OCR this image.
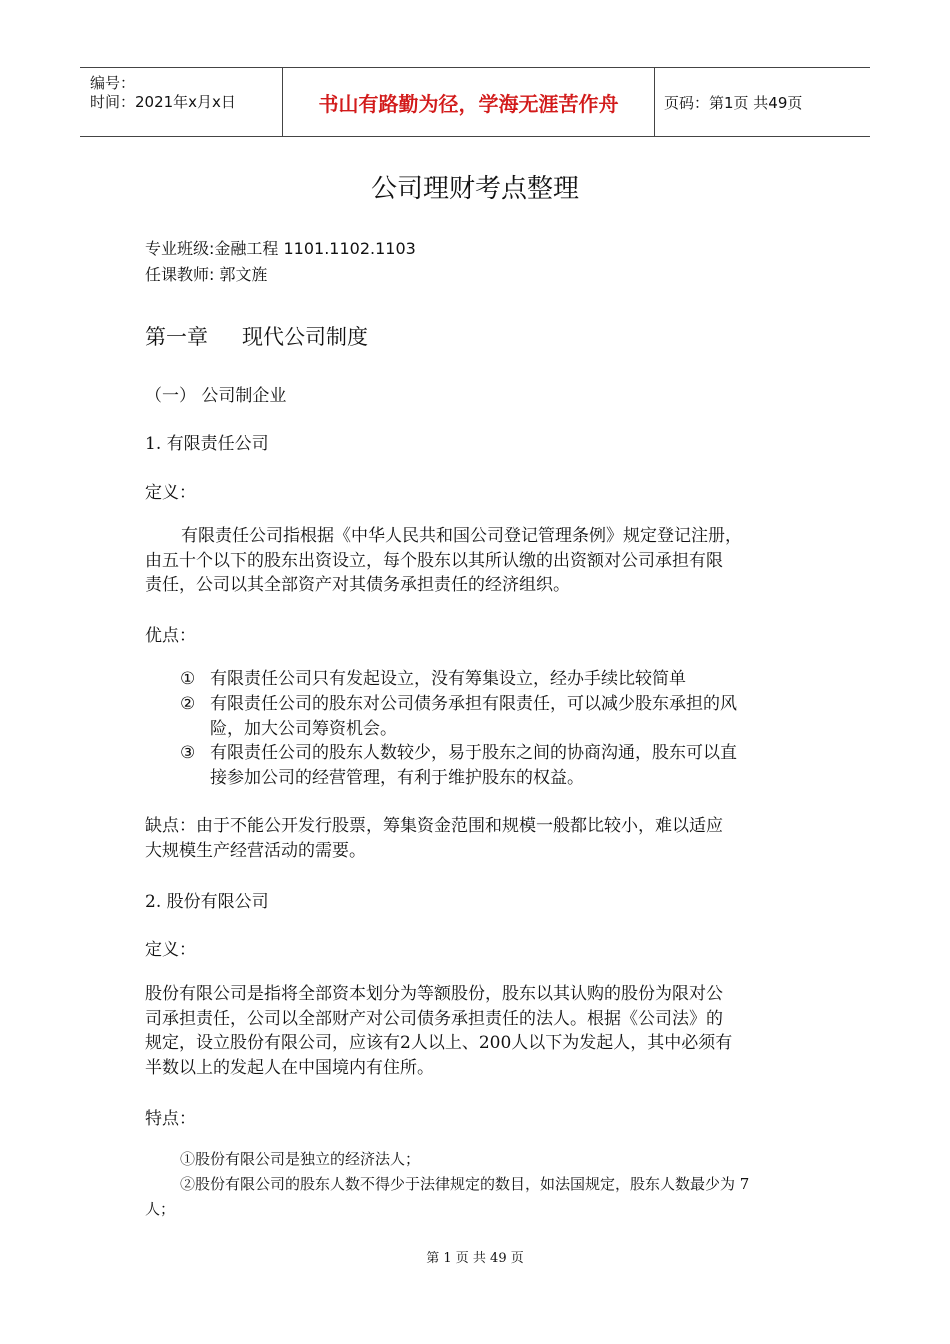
编号：
时间：2021年x月x日	书山有路勤为径，学海无涯苦作舟	页码：第1页 共49页
公司理财考点整理
专业班级:金融工程 1101.1102.1103
任课教师: 郭文旌
第一章 现代公司制度
（一） 公司制企业
1. 有限责任公司
定义：
有限责任公司指根据《中华人民共和国公司登记管理条例》规定登记注册，
由五十个以下的股东出资设立，每个股东以其所认缴的出资额对公司承担有限
责任，公司以其全部资产对其债务承担责任的经济组织。
优点：
① 有限责任公司只有发起设立，没有筹集设立，经办手续比较简单
② 有限责任公司的股东对公司债务承担有限责任，可以减少股东承担的风
险，加大公司筹资机会。
③ 有限责任公司的股东人数较少，易于股东之间的协商沟通，股东可以直
接参加公司的经营管理，有利于维护股东的权益。
缺点：由于不能公开发行股票，筹集资金范围和规模一般都比较小，难以适应
大规模生产经营活动的需要。
2. 股份有限公司
定义：
股份有限公司是指将全部资本划分为等额股份，股东以其认购的股份为限对公
司承担责任，公司以全部财产对公司债务承担责任的法人。根据《公司法》的
规定，设立股份有限公司，应该有2人以上、200人以下为发起人，其中必须有
半数以上的发起人在中国境内有住所。
特点：
①股份有限公司是独立的经济法人；
②股份有限公司的股东人数不得少于法律规定的数目，如法国规定，股东人数最少为 7
人；
第 1 页 共 49 页
